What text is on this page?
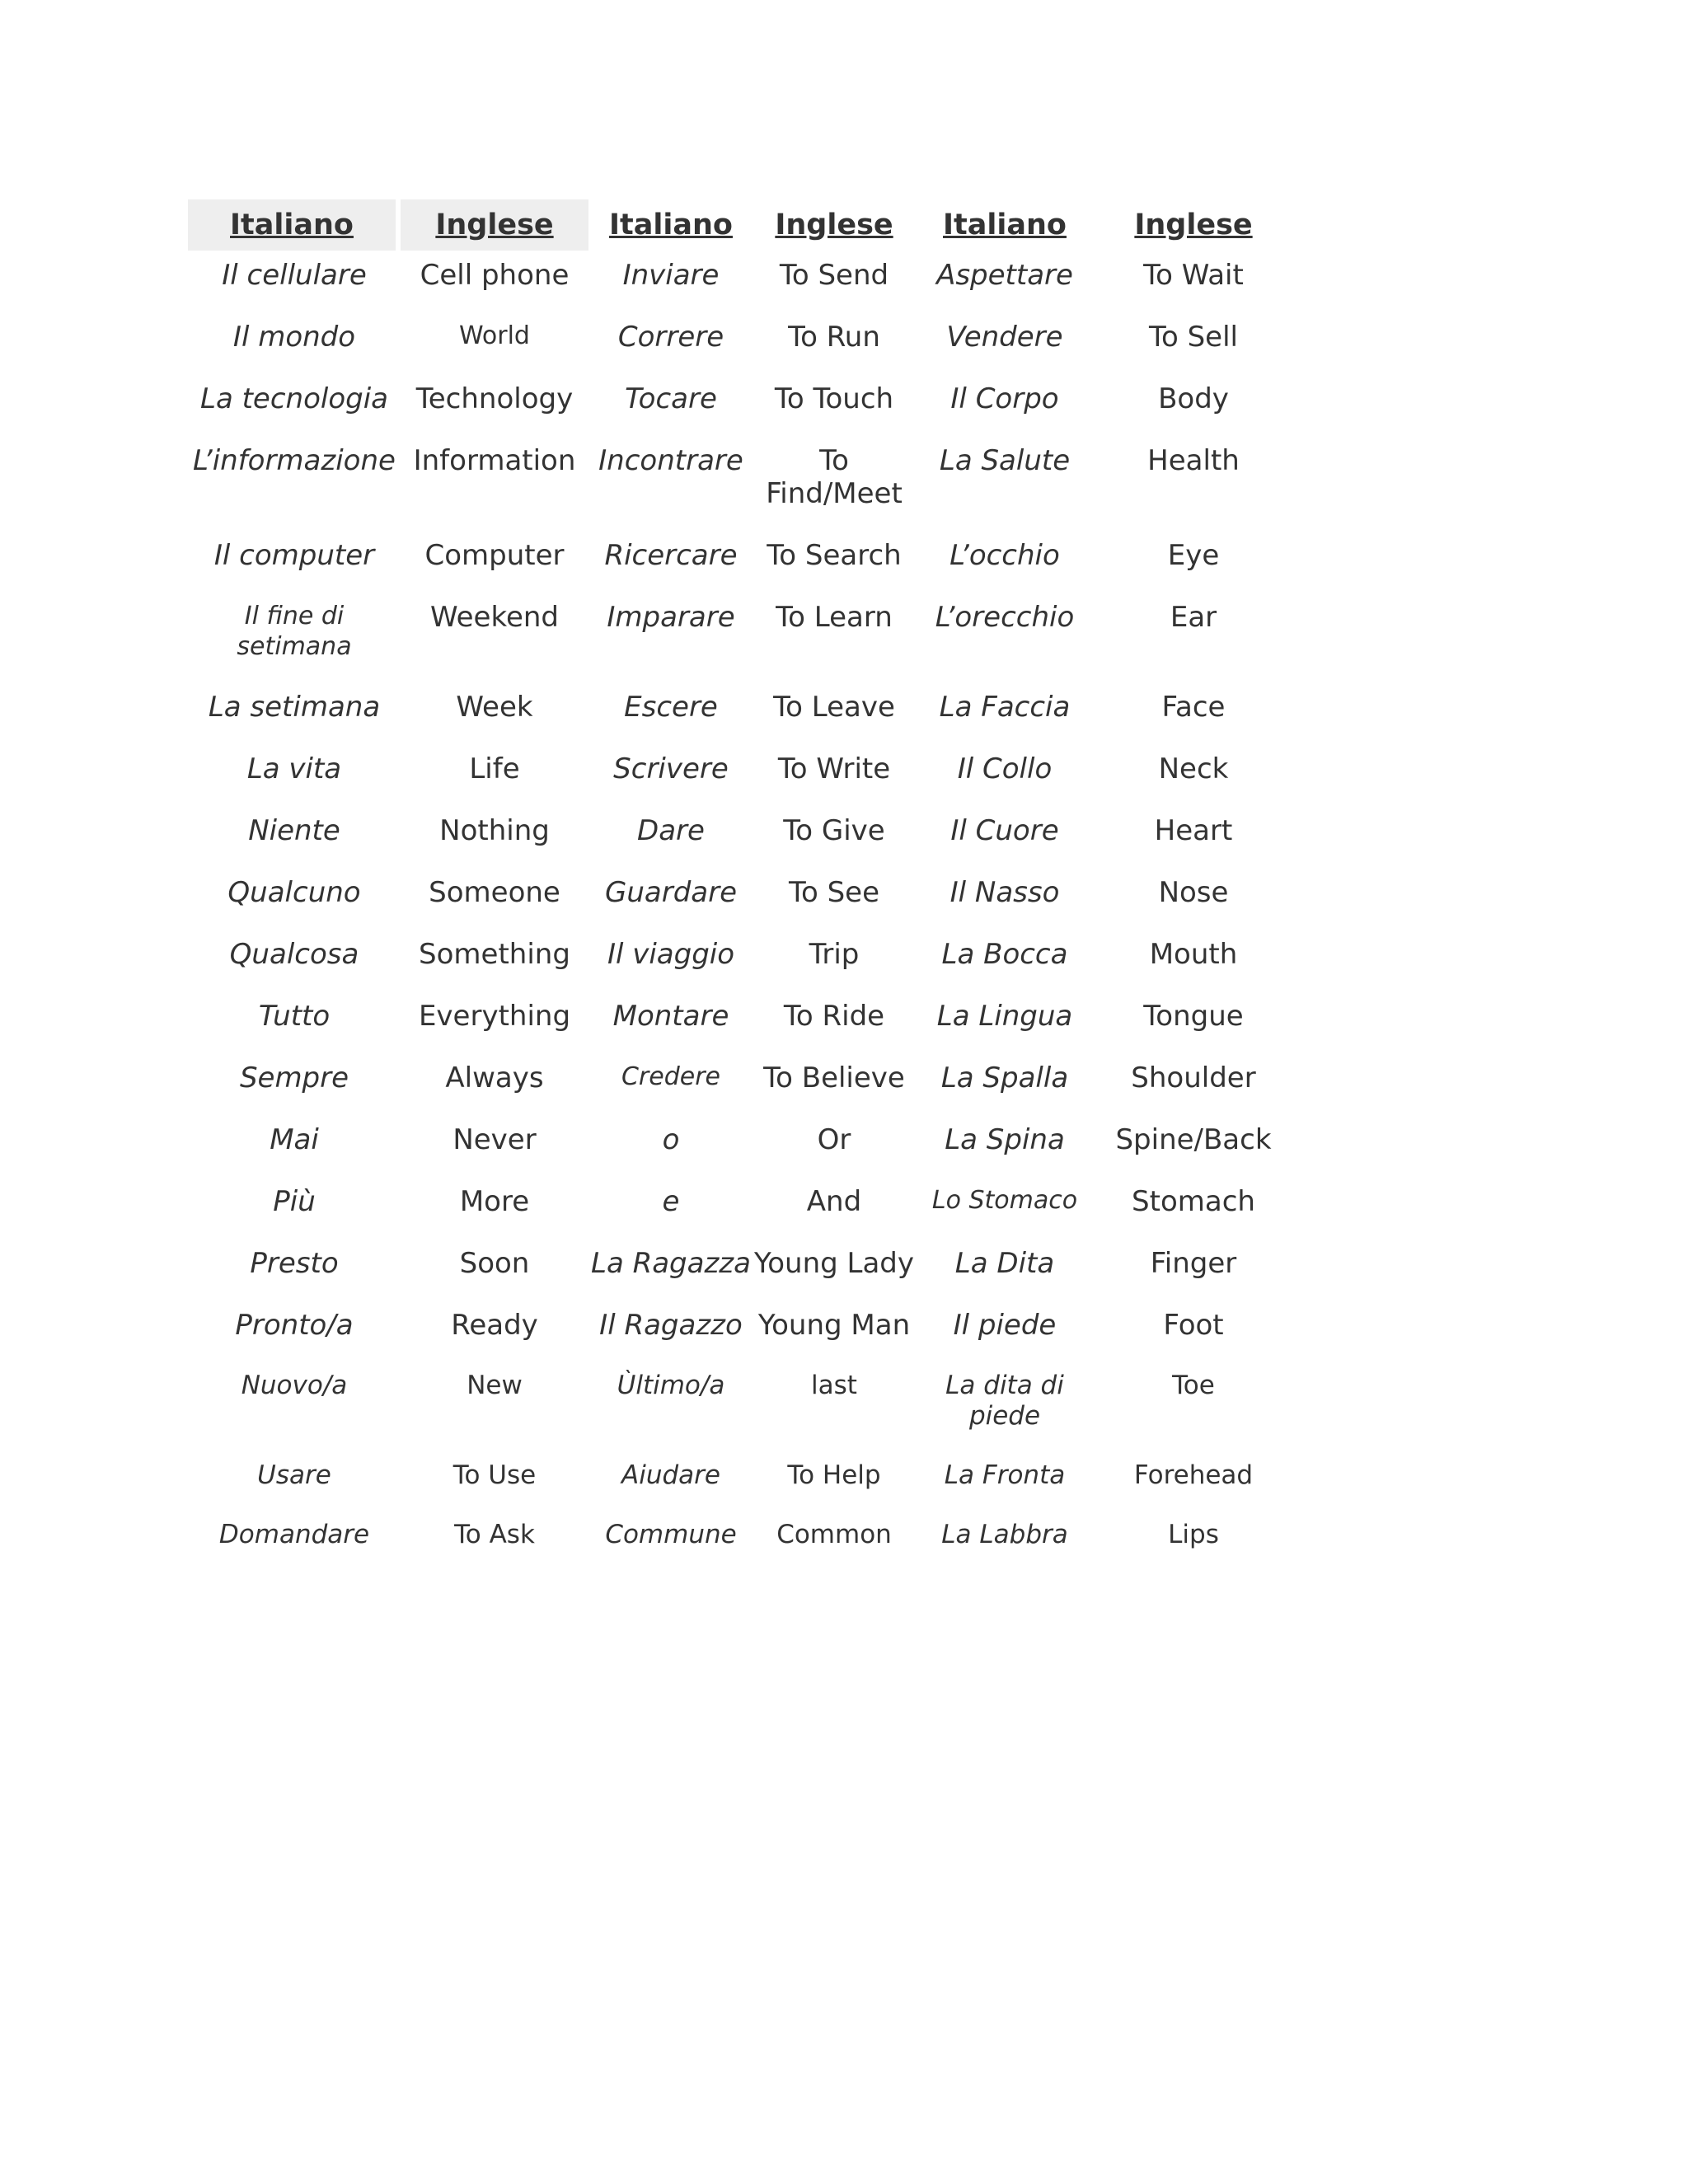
Italiano	Inglese	Italiano	Inglese	Italiano	Inglese
Il cellulare	Cell phone	Inviare	To Send	Aspettare	To Wait
Il mondo	World	Correre	To Run	Vendere	To Sell
La tecnologia	Technology	Tocare	To Touch	Il Corpo	Body
L’informazione	Information	Incontrare	To Find/Meet	La Salute	Health
Il computer	Computer	Ricercare	To Search	L’occhio	Eye
Il fine di setimana	Weekend	Imparare	To Learn	L’orecchio	Ear
La setimana	Week	Escere	To Leave	La Faccia	Face
La vita	Life	Scrivere	To Write	Il Collo	Neck
Niente	Nothing	Dare	To Give	Il Cuore	Heart
Qualcuno	Someone	Guardare	To See	Il Nasso	Nose
Qualcosa	Something	Il viaggio	Trip	La Bocca	Mouth
Tutto	Everything	Montare	To Ride	La Lingua	Tongue
Sempre	Always	Credere	To Believe	La Spalla	Shoulder
Mai	Never	o	Or	La Spina	Spine/Back
Più	More	e	And	Lo Stomaco	Stomach
Presto	Soon	La Ragazza	Young Lady	La Dita	Finger
Pronto/a	Ready	Il Ragazzo	Young Man	Il piede	Foot
Nuovo/a	New	Ùltimo/a	last	La dita di piede	Toe
Usare	To Use	Aiudare	To Help	La Fronta	Forehead
Domandare	To Ask	Commune	Common	La Labbra	Lips
